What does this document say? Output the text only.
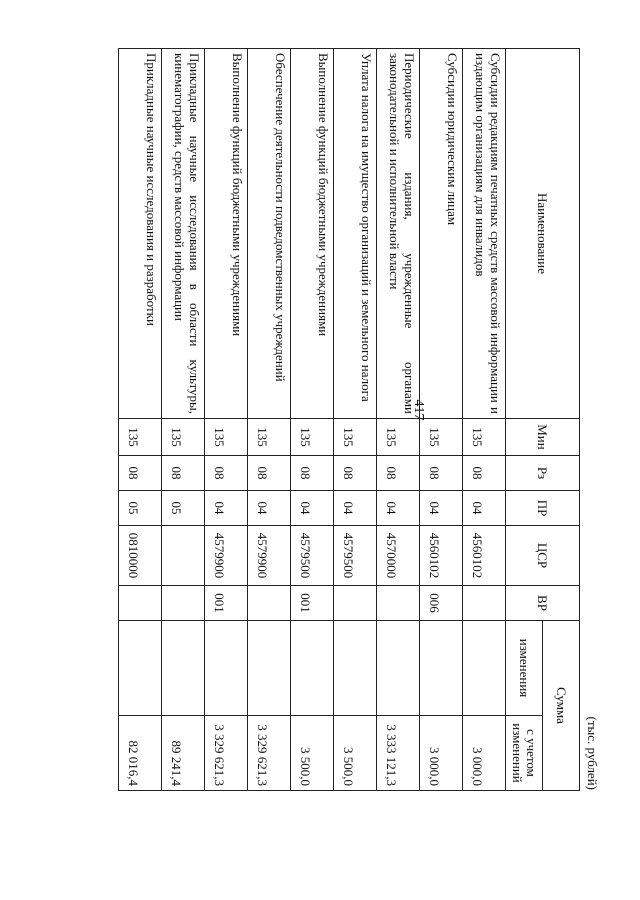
417
(тыс. рублей)
Наименование	Мин	Рз	ПР	ЦСР	ВР	Сумма	
						изменения	с учетом изменений
Субсидии редакциям печатных средств массовой информации и издающим организациям для инвалидов	135	08	04	4560102			3 000,0
Субсидии юридическим лицам	135	08	04	4560102	006		3 000,0
Периодические издания, учрежденные органами законодательной и исполнительной власти	135	08	04	4570000			3 333 121,3
Уплата налога на имущество организаций и земельного налога	135	08	04	4579500			3 500,0
Выполнение функций бюджетными учреждениями	135	08	04	4579500	001		3 500,0
Обеспечение деятельности подведомственных учреждений	135	08	04	4579900			3 329 621,3
Выполнение функций бюджетными учреждениями	135	08	04	4579900	001		3 329 621,3
Прикладные научные исследования в области культуры, кинематографии, средств массовой информации	135	08	05				89 241,4
Прикладные научные исследования и разработки	135	08	05	0810000			82 016,4
